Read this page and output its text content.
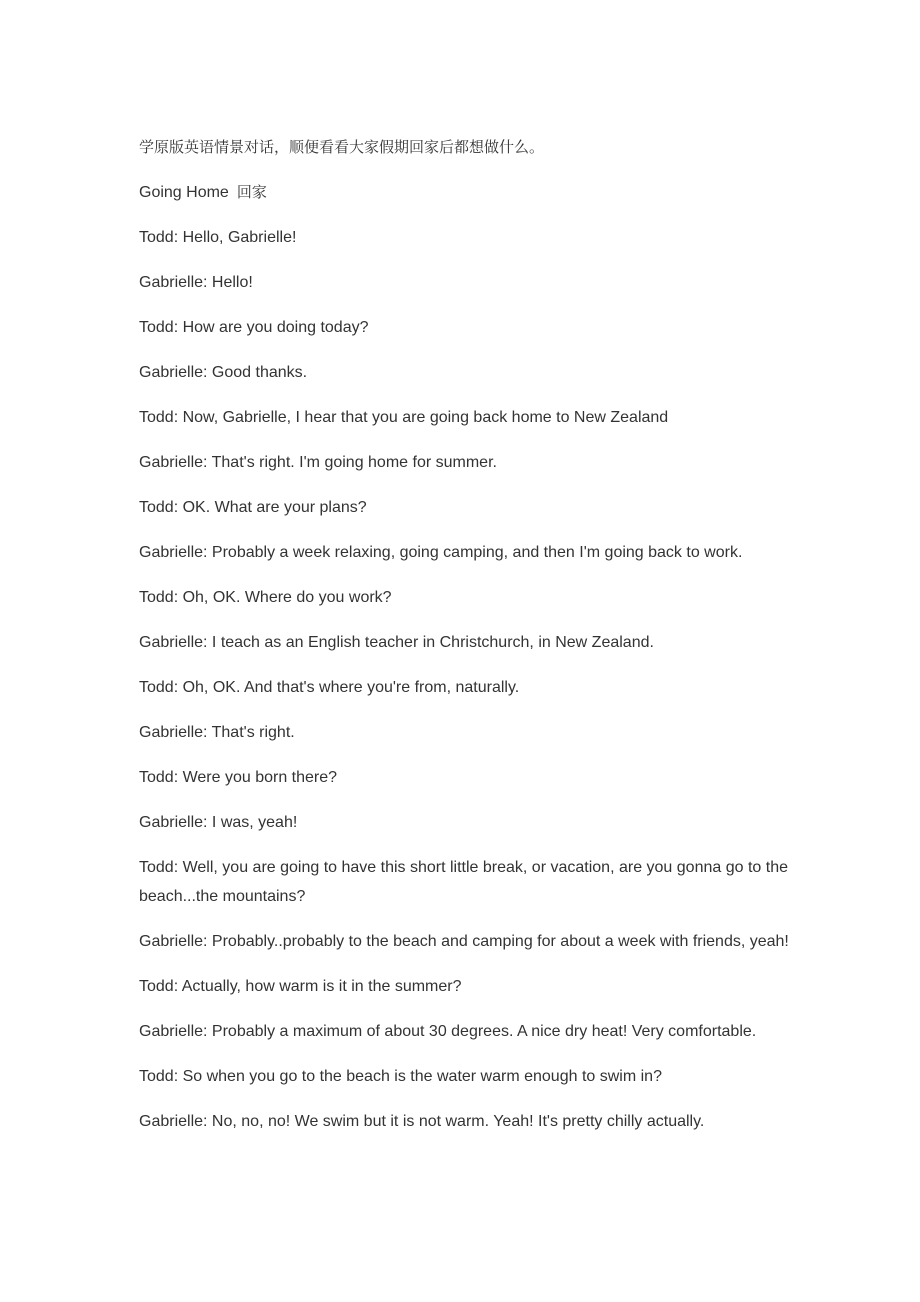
学原版英语情景对话，顺便看看大家假期回家后都想做什么。

Going Home 回家

Todd: Hello, Gabrielle!

Gabrielle: Hello!

Todd: How are you doing today?

Gabrielle: Good thanks.

Todd: Now, Gabrielle, I hear that you are going back home to New Zealand

Gabrielle: That's right. I'm going home for summer.

Todd: OK. What are your plans?

Gabrielle: Probably a week relaxing, going camping, and then I'm going back to work.

Todd: Oh, OK. Where do you work?

Gabrielle: I teach as an English teacher in Christchurch, in New Zealand.

Todd: Oh, OK. And that's where you're from, naturally.

Gabrielle: That's right.

Todd: Were you born there?

Gabrielle: I was, yeah!

Todd: Well, you are going to have this short little break, or vacation, are you gonna go to the beach...the mountains?

Gabrielle: Probably..probably to the beach and camping for about a week with friends, yeah!

Todd: Actually, how warm is it in the summer?

Gabrielle: Probably a maximum of about 30 degrees. A nice dry heat! Very comfortable.

Todd: So when you go to the beach is the water warm enough to swim in?

Gabrielle: No, no, no! We swim but it is not warm. Yeah! It's pretty chilly actually.
